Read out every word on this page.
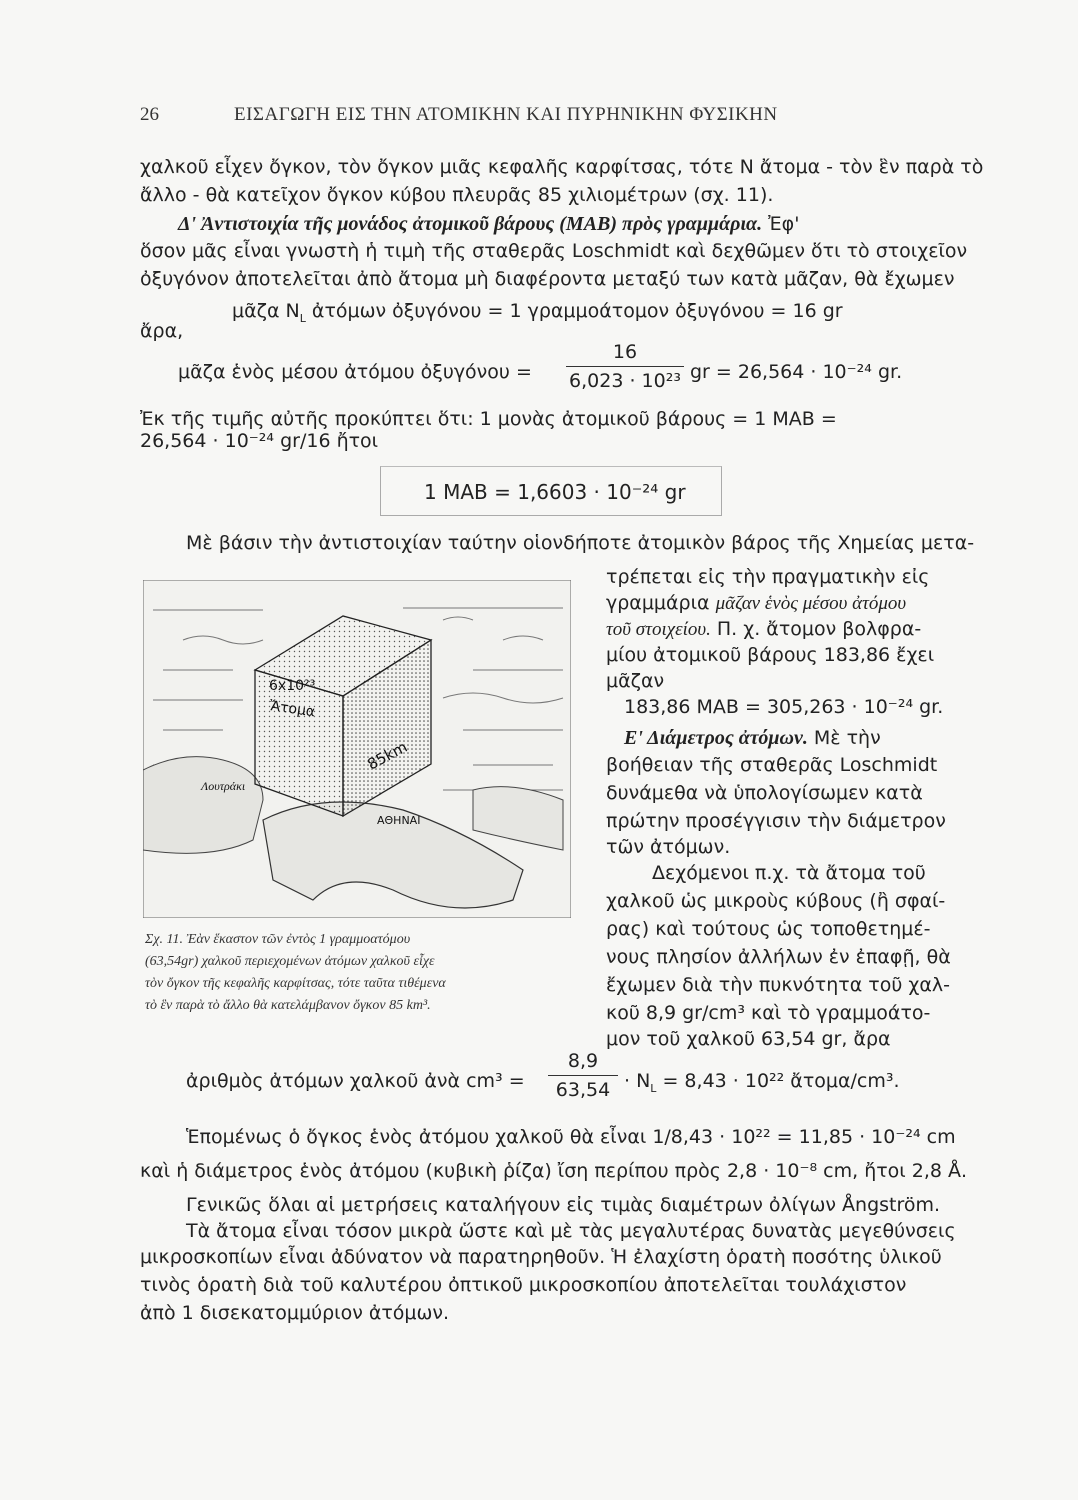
26	ΕΙΣΑΓΩΓΗ ΕΙΣ ΤΗΝ ΑΤΟΜΙΚΗΝ ΚΑΙ ΠΥΡΗΝΙΚΗΝ ΦΥΣΙΚΗΝ
χαλκοῦ εἶχεν ὄγκον, τὸν ὄγκον μιᾶς κεφαλῆς καρφίτσας, τότε Ν ἄτομα - τὸν ἓν παρὰ τὸ
ἄλλο - θὰ κατεῖχον ὄγκον κύβου πλευρᾶς 85 χιλιομέτρων (σχ. 11).
Δ' Ἀντιστοιχία τῆς μονάδος ἀτομικοῦ βάρους (ΜΑΒ) πρὸς γραμμάρια. Ἐφ'
ὅσον μᾶς εἶναι γνωστὴ ἡ τιμὴ τῆς σταθερᾶς Loschmidt καὶ δεχθῶμεν ὅτι τὸ στοιχεῖον
ὀξυγόνον ἀποτελεῖται ἀπὸ ἄτομα μὴ διαφέροντα μεταξύ των κατὰ μᾶζαν, θὰ ἔχωμεν
μᾶζα $N_L$ ἀτόμων ὀξυγόνου = 1 γραμμοάτομον ὀξυγόνου = 16 gr
ἄρα,
μᾶζα ἑνὸς μέσου ἀτόμου ὀξυγόνου =
16
6,023 · 10²³ gr = 26,564 · 10⁻²⁴ gr.
Ἐκ τῆς τιμῆς αὐτῆς προκύπτει ὅτι: 1 μονὰς ἀτομικοῦ βάρους = 1 ΜΑΒ =
26,564 · 10⁻²⁴ gr/16 ἤτοι
1 ΜΑΒ = 1,6603 · 10⁻²⁴ gr
Μὲ βάσιν τὴν ἀντιστοιχίαν ταύτην οἱονδήποτε ἀτομικὸν βάρος τῆς Χημείας μετα-
τρέπεται εἰς τὴν πραγματικὴν εἰς
γραμμάρια μᾶζαν ἑνὸς μέσου ἀτόμου
τοῦ στοιχείου. Π. χ. ἄτομον βολφρα-
μίου ἀτομικοῦ βάρους 183,86 ἔχει
μᾶζαν
183,86 ΜΑΒ = 305,263 · 10⁻²⁴ gr.
Ε' Διάμετρος ἀτόμων. Μὲ τὴν
βοήθειαν τῆς σταθερᾶς Loschmidt
δυνάμεθα νὰ ὑπολογίσωμεν κατὰ
πρώτην προσέγγισιν τὴν διάμετρον
τῶν ἀτόμων.
Δεχόμενοι π.χ. τὰ ἄτομα τοῦ
χαλκοῦ ὡς μικροὺς κύβους (ἢ σφαί-
ρας) καὶ τούτους ὡς τοποθετημέ-
νους πλησίον ἀλλήλων ἐν ἐπαφῇ, θὰ
ἔχωμεν διὰ τὴν πυκνότητα τοῦ χαλ-
κοῦ 8,9 gr/cm³ καὶ τὸ γραμμοάτο-
μον τοῦ χαλκοῦ 63,54 gr, ἄρα
6x10²³
Ἄτομα
85km
Λουτράκι
ΑΘΗΝΑΙ
Σχ. 11. Ἐὰν ἕκαστον τῶν ἐντὸς 1 γραμμοατόμου
(63,54gr) χαλκοῦ περιεχομένων ἀτόμων χαλκοῦ εἶχε
τὸν ὄγκον τῆς κεφαλῆς καρφίτσας, τότε ταῦτα τιθέμενα
τὸ ἓν παρὰ τὸ ἄλλο θὰ κατελάμβανον ὄγκον 85 km³.
ἀριθμὸς ἀτόμων χαλκοῦ ἀνὰ cm³ =
8,9
$63,54 \cdot N_L = 8,43 \cdot 10^{22}$ ἄτομα/cm³.
Ἑπομένως ὁ ὄγκος ἑνὸς ἀτόμου χαλκοῦ θὰ εἶναι 1/8,43 · 10²² = 11,85 · 10⁻²⁴ cm
καὶ ἡ διάμετρος ἑνὸς ἀτόμου (κυβικὴ ῥίζα) ἴση περίπου πρὸς 2,8 · 10⁻⁸ cm, ἤτοι 2,8 Å.
Γενικῶς ὅλαι αἱ μετρήσεις καταλήγουν εἰς τιμὰς διαμέτρων ὀλίγων Ångström.
Τὰ ἄτομα εἶναι τόσον μικρὰ ὥστε καὶ μὲ τὰς μεγαλυτέρας δυνατὰς μεγεθύνσεις
μικροσκοπίων εἶναι ἀδύνατον νὰ παρατηρηθοῦν. Ἡ ἐλαχίστη ὁρατὴ ποσότης ὑλικοῦ
τινὸς ὁρατὴ διὰ τοῦ καλυτέρου ὀπτικοῦ μικροσκοπίου ἀποτελεῖται τουλάχιστον
ἀπὸ 1 δισεκατομμύριον ἀτόμων.
